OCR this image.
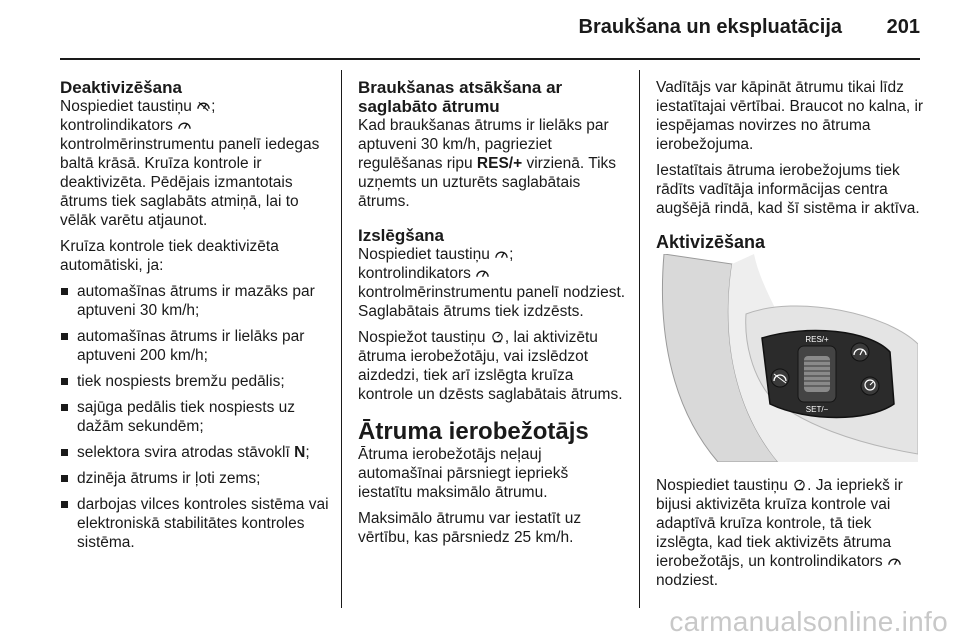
Braukšana un ekspluatācija 201
Deaktivizēšana

Nospiediet taustiņu ;
kontrolindikators
kontrolmērinstrumentu panelī iedegas baltā krāsā. Kruīza kontrole ir deaktivizēta. Pēdējais izmantotais ātrums tiek saglabāts atmiņā, lai to vēlāk varētu atjaunot.

Kruīza kontrole tiek deaktivizēta automātiski, ja:

automašīnas ātrums ir mazāks par aptuveni 30 km/h;
automašīnas ātrums ir lielāks par aptuveni 200 km/h;
tiek nospiests bremžu pedālis;
sajūga pedālis tiek nospiests uz dažām sekundēm;
selektora svira atrodas stāvoklī N;
dzinēja ātrums ir ļoti zems;
darbojas vilces kontroles sistēma vai elektroniskā stabilitātes kontroles sistēma.
Braukšanas atsākšana ar saglabāto ātrumu

Kad braukšanas ātrums ir lielāks par aptuveni 30 km/h, pagrieziet regulēšanas ripu RES/+ virzienā. Tiks uzņemts un uzturēts saglabātais ātrums.

Izslēgšana

Nospiediet taustiņu ;
kontrolindikators
kontrolmērinstrumentu panelī nodziest. Saglabātais ātrums tiek izdzēsts.

Nospiežot taustiņu , lai aktivizētu ātruma ierobežotāju, vai izslēdzot aizdedzi, tiek arī izslēgta kruīza kontrole un dzēsts saglabātais ātrums.

Ātruma ierobežotājs

Ātruma ierobežotājs neļauj automašīnai pārsniegt iepriekš iestatītu maksimālo ātrumu.

Maksimālo ātrumu var iestatīt uz vērtību, kas pārsniedz 25 km/h.

Vadītājs var kāpināt ātrumu tikai līdz iestatītajai vērtībai. Braucot no kalna, ir iespējamas novirzes no ātruma ierobežojuma.

Iestatītais ātruma ierobežojums tiek rādīts vadītāja informācijas centra augšējā rindā, kad šī sistēma ir aktīva.

Aktivizēšana
RES/+
SET/−

Nospiediet taustiņu . Ja iepriekš ir bijusi aktivizēta kruīza kontrole vai adaptīvā kruīza kontrole, tā tiek izslēgta, kad tiek aktivizēts ātruma ierobežotājs, un kontrolindikators
nodziest.

carmanualsonline.info
